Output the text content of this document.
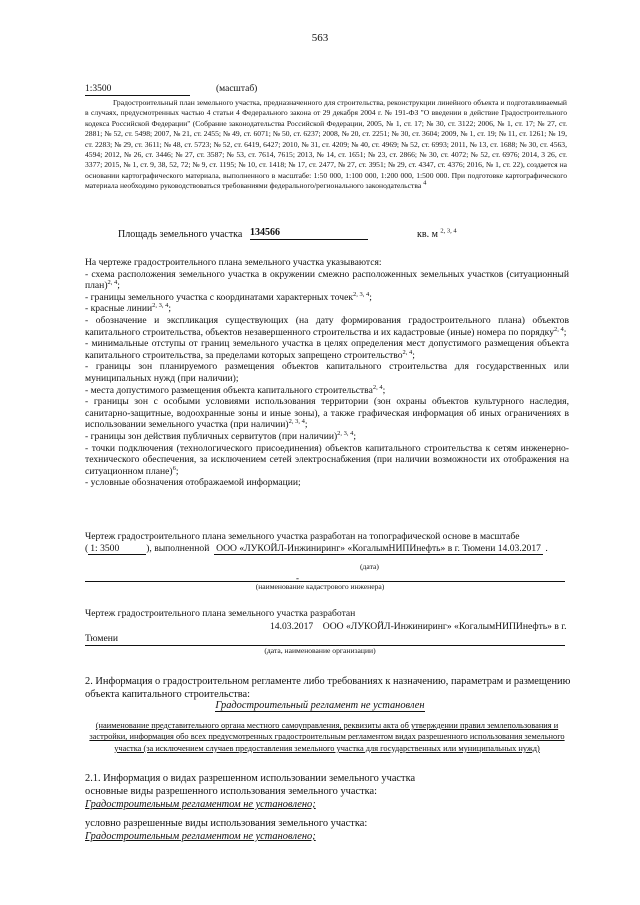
563
1:3500	(масштаб)
Градостроительный план земельного участка, предназначенного для строительства, реконструкции линейного объекта и подготавливаемый в случаях, предусмотренных частью 4 статьи 4 Федерального закона от 29 декабря 2004 г. № 191-ФЗ "О введении в действие Градостроительного кодекса Российской Федерации" (Собрание законодательства Российской Федерации, 2005, № 1, ст. 17; № 30, ст. 3122; 2006, № 1, ст. 17; № 27, ст. 2881; № 52, ст. 5498; 2007, № 21, ст. 2455; № 49, ст. 6071; № 50, ст. 6237; 2008, № 20, ст. 2251; № 30, ст. 3604; 2009, № 1, ст. 19; № 11, ст. 1261; № 19, ст. 2283; № 29, ст. 3611; № 48, ст. 5723; № 52, ст. 6419, 6427; 2010, № 31, ст. 4209; № 40, ст. 4969; № 52, ст. 6993; 2011, № 13, ст. 1688; № 30, ст. 4563, 4594; 2012, № 26, ст. 3446; № 27, ст. 3587; № 53, ст. 7614, 7615; 2013, № 14, ст. 1651; № 23, ст. 2866; № 30, ст. 4072; № 52, ст. 6976; 2014, 3 26, ст. 3377; 2015, № 1, ст. 9, 38, 52, 72; № 9, ст. 1195; № 10, ст. 1418; № 17, ст. 2477, № 27, ст. 3951; № 29, ст. 4347, ст. 4376; 2016, № 1, ст. 22), создается на основании картографического материала, выполненного в масштабе: 1:50 000, 1:100 000, 1:200 000, 1:500 000. При подготовке картографического материала необходимо руководствоваться требованиями федерального/регионального законодательства 4
Площадь земельного участка 134566	кв. м $^{2, 3, 4}$
На чертеже градостроительного плана земельного участка указываются:
- схема расположения земельного участка в окружении смежно расположенных земельных участков (ситуационный план)$^{2, 4}$;
- границы земельного участка с координатами характерных точек$^{2, 3, 4}$;
- красные линии$^{2, 3, 4}$;
- обозначение и экспликация существующих (на дату формирования градостроительного плана) объектов капитального строительства, объектов незавершенного строительства и их кадастровые (иные) номера по порядку$^{2, 4}$;
- минимальные отступы от границ земельного участка в целях определения мест допустимого размещения объекта капитального строительства, за пределами которых запрещено строительство$^{2, 4}$;
- границы зон планируемого размещения объектов капитального строительства для государственных или муниципальных нужд (при наличии);
- места допустимого размещения объекта капитального строительства$^{2, 4}$;
- границы зон с особыми условиями использования территории (зон охраны объектов культурного наследия, санитарно-защитные, водоохранные зоны и иные зоны), а также графическая информация об иных ограничениях в использовании земельного участка (при наличии)$^{2, 3, 4}$;
- границы зон действия публичных сервитутов (при наличии)$^{2, 3, 4}$;
- точки подключения (технологического присоединения) объектов капитального строительства к сетям инженерно-технического обеспечения, за исключением сетей электроснабжения (при наличии возможности их отображения на ситуационном плане)$^6$;
- условные обозначения отображаемой информации;
Чертеж градостроительного плана земельного участка разработан на топографической основе в масштабе
( 1: 3500	), выполненной ООО «ЛУКОЙЛ-Инжиниринг» «КогалымНИПИнефть» в г. Тюмени 14.03.2017 .
(дата)
-
(наименование кадастрового инженера)
Чертеж градостроительного плана земельного участка разработан
14.03.2017 ООО «ЛУКОЙЛ-Инжиниринг» «КогалымНИПИнефть» в г.
Тюмени
(дата, наименование организации)
2. Информация о градостроительном регламенте либо требованиях к назначению, параметрам и размещению объекта капитального строительства:
Градостроительный регламент не установлен
(наименование представительного органа местного самоуправления, реквизиты акта об утверждении правил землепользования и застройки, информация обо всех предусмотренных градостроительным регламентом видах разрешенного использования земельного участка (за исключением случаев предоставления земельного участка для государственных или муниципальных нужд)
2.1. Информация о видах разрешенном использовании земельного участка
основные виды разрешенного использования земельного участка:
Градостроительным регламентом не установлено;
условно разрешенные виды использования земельного участка:
Градостроительным регламентом не установлено;
